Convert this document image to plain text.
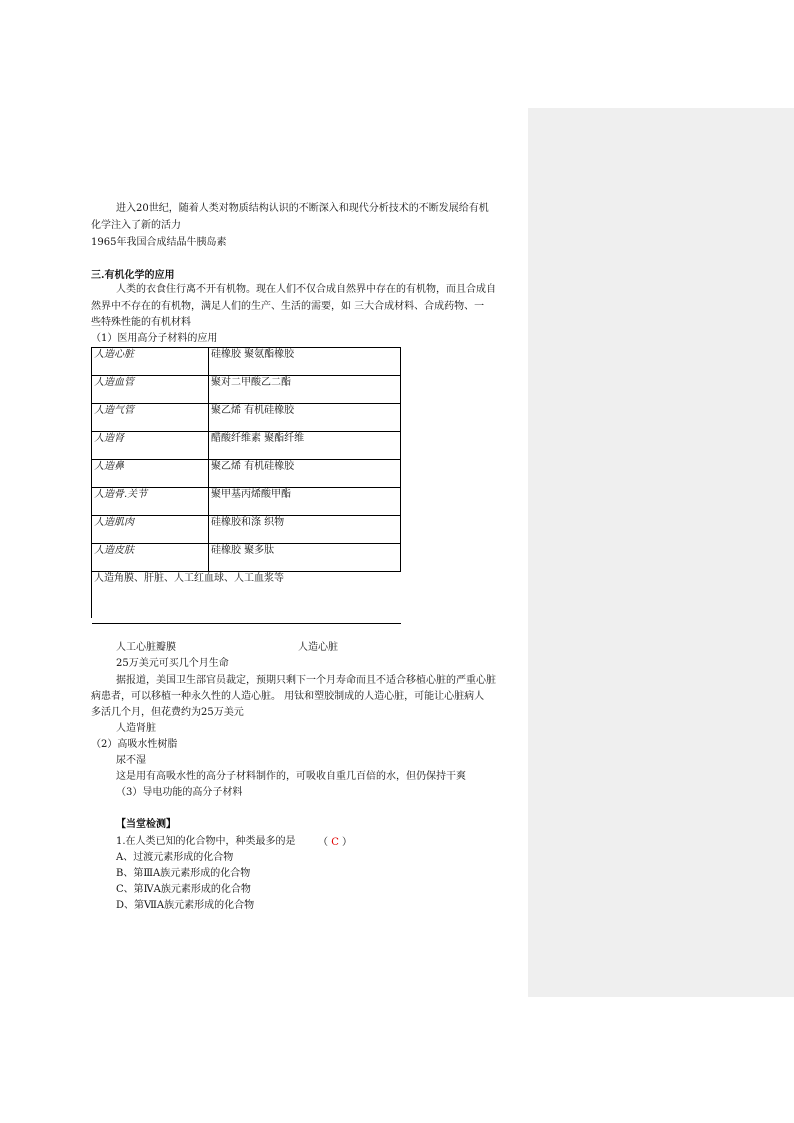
进入20世纪，随着人类对物质结构认识的不断深入和现代分析技术的不断发展给有机
化学注入了新的活力
1965年我国合成结晶牛胰岛素
三.有机化学的应用
人类的衣食住行离不开有机物。现在人们不仅合成自然界中存在的有机物，而且合成自
然界中不存在的有机物，满足人们的生产、生活的需要，如 三大合成材料、合成药物、一
些特殊性能的有机材料
（1）医用高分子材料的应用
人造心脏	硅橡胶 聚氨酯橡胶
人造血管	聚对二甲酸乙二酯
人造气管	聚乙烯 有机硅橡胶
人造肾	醋酸纤维素 聚酯纤维
人造鼻	聚乙烯 有机硅橡胶
人造骨.关节	聚甲基丙烯酸甲酯
人造肌肉	硅橡胶和涤 织物
人造皮肤	硅橡胶 聚多肽
人造角膜、肝脏、人工红血球、人工血浆等	
人工心脏瓣膜	人造心脏
25万美元可买几个月生命
据报道，美国卫生部官员裁定，预期只剩下一个月寿命而且不适合移植心脏的严重心脏
病患者，可以移植一种永久性的人造心脏。 用钛和塑胶制成的人造心脏，可能让心脏病人
多活几个月，但花费约为25万美元
人造肾脏
（2）高吸水性树脂
尿不湿
这是用有高吸水性的高分子材料制作的，可吸收自重几百倍的水，但仍保持干爽
（3）导电功能的高分子材料
【当堂检测】
1.在人类已知的化合物中，种类最多的是 （ C ）
A、过渡元素形成的化合物
B、第ⅢA族元素形成的化合物
C、第ⅣA族元素形成的化合物
D、第ⅦA族元素形成的化合物
